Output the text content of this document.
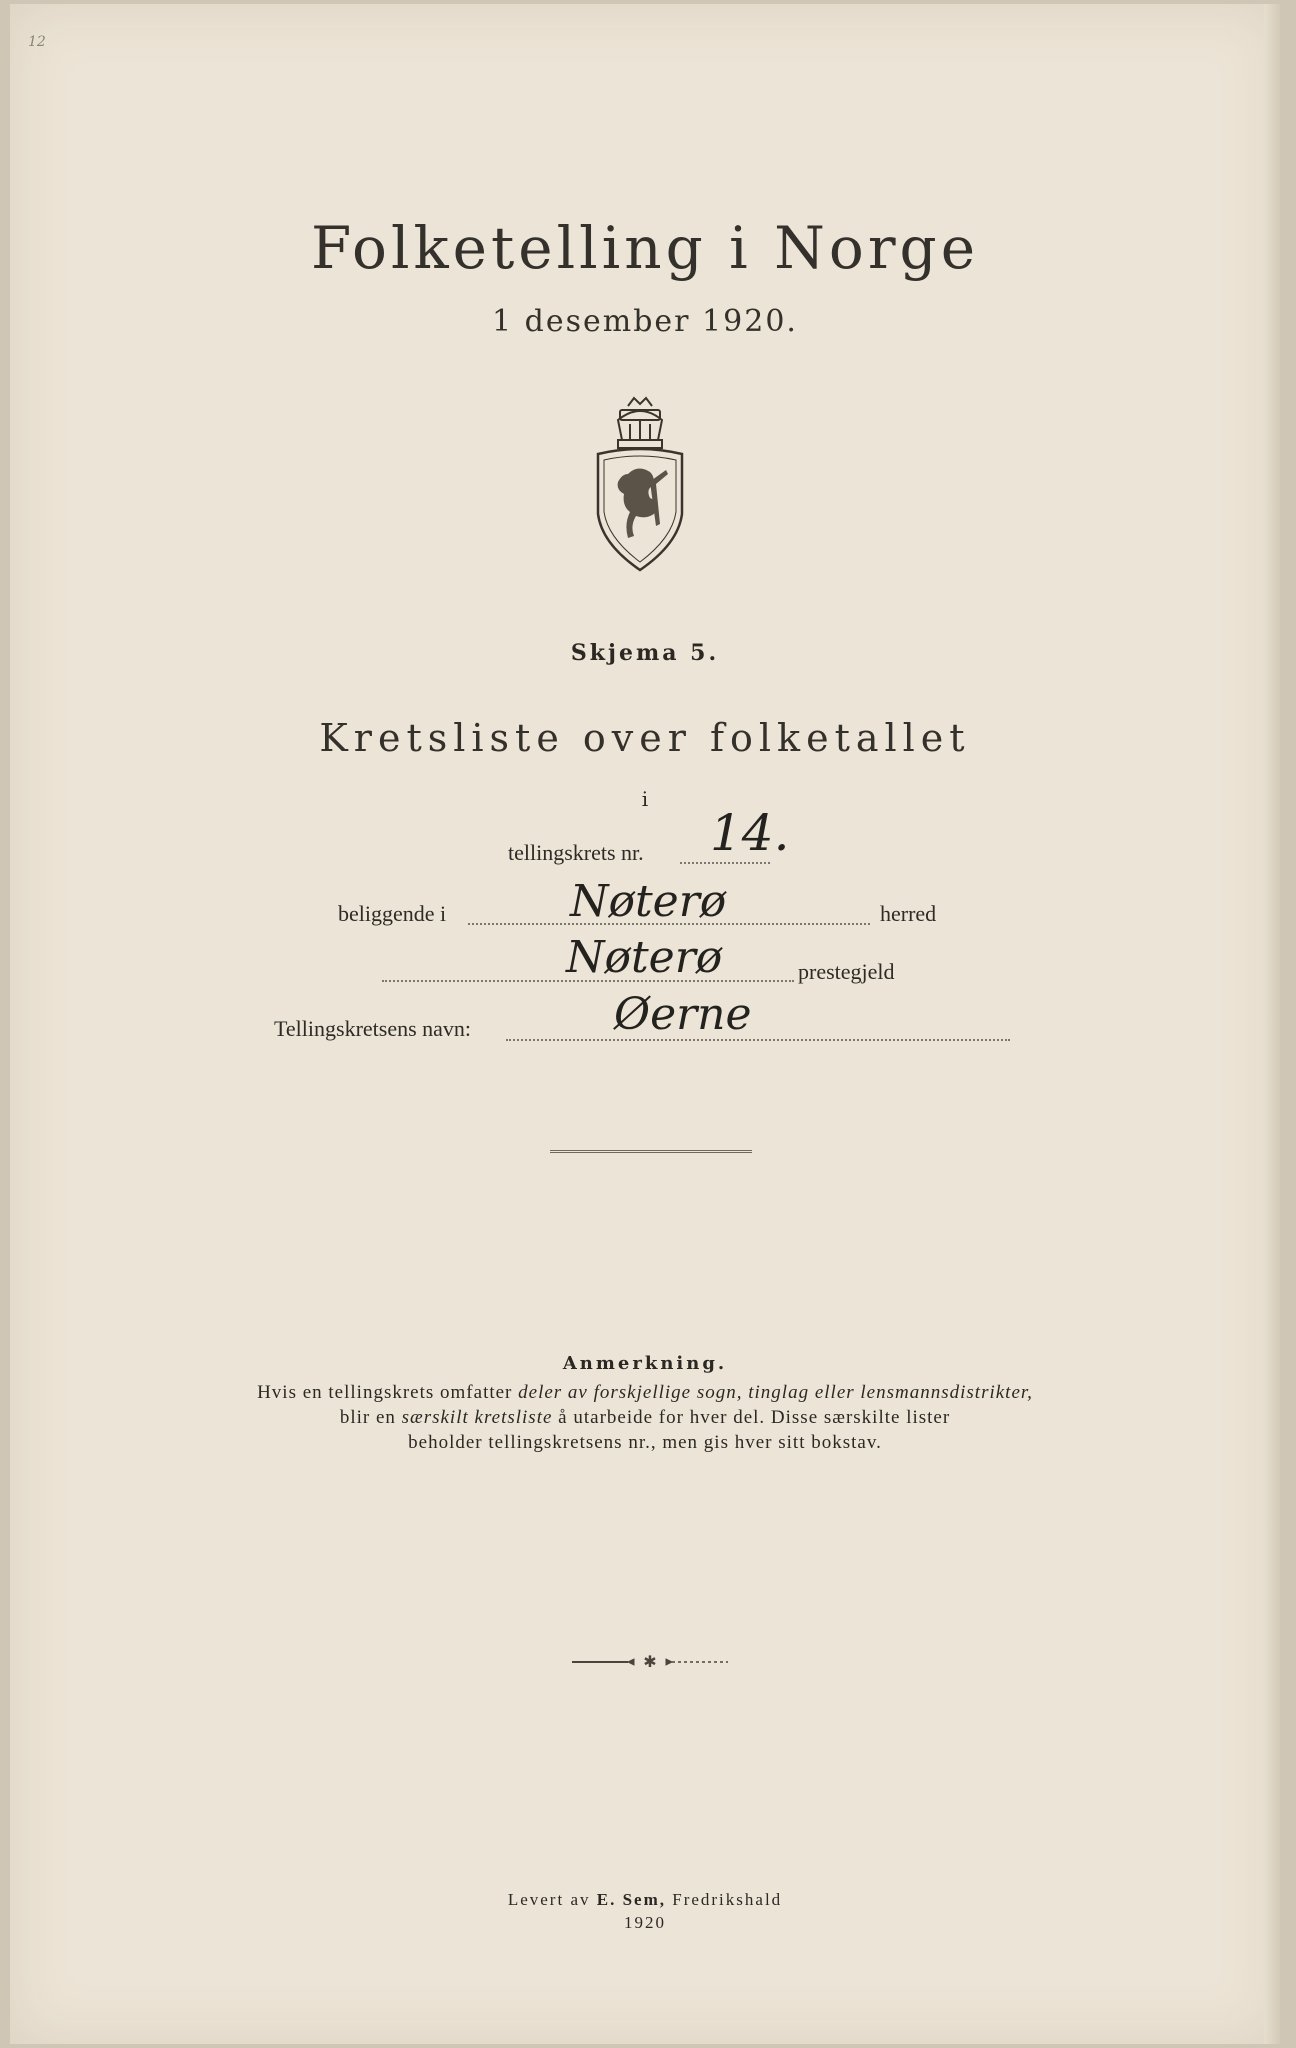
12
Folketelling i Norge
1 desember 1920.
Skjema 5.
Kretsliste over folketallet
i
tellingskrets nr. 14.
beliggende i	Nøterø	herred
Nøterø	prestegjeld
Tellingskretsens navn:	Øerne
Anmerkning.
Hvis en tellingskrets omfatter deler av forskjellige sogn, tinglag eller lensmannsdistrikter,
blir en særskilt kretsliste å utarbeide for hver del. Disse særskilte lister
beholder tellingskretsens nr., men gis hver sitt bokstav.
✱
Levert av E. Sem, Fredrikshald
1920
